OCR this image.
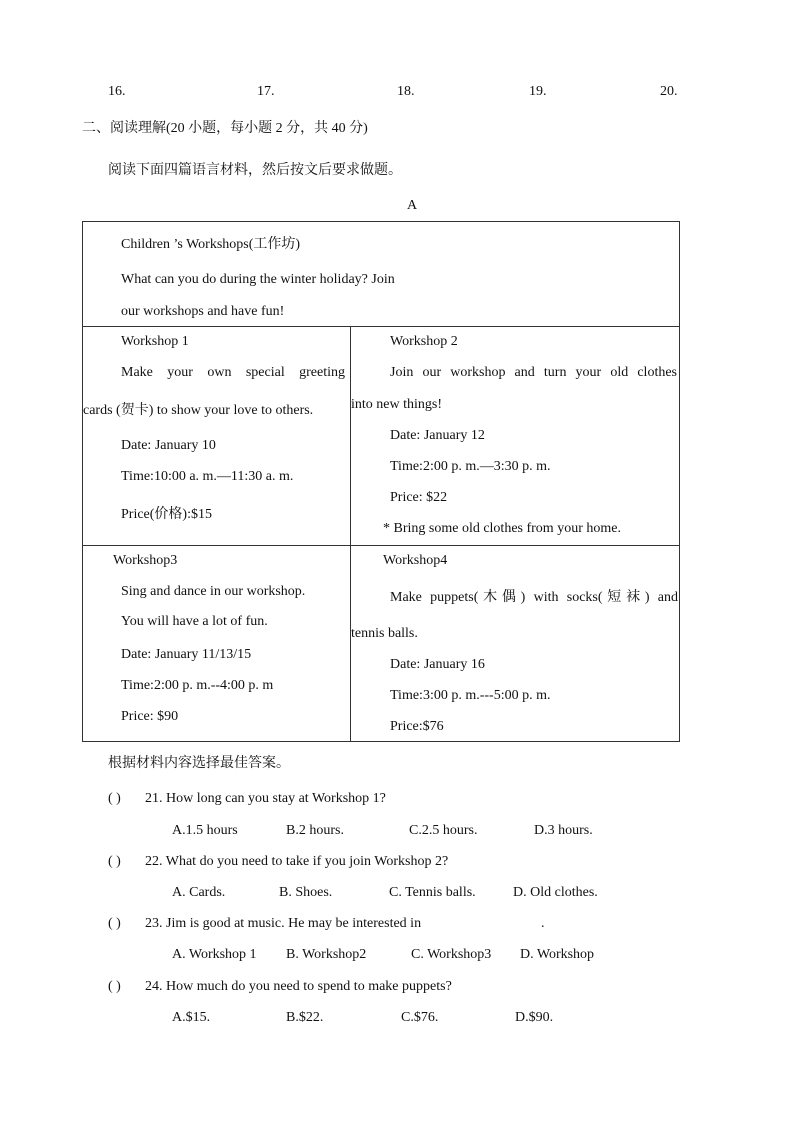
16.	17.	18.	19.	20.
二、阅读理解(20 小题，每小题 2 分，共 40 分)
阅读下面四篇语言材料，然后按文后要求做题。
A
Children ’s Workshops(工作坊)
What can you do during the winter holiday? Join
our workshops and have fun!
Workshop 1
Make your own special greeting
cards (贺卡) to show your love to others.
Date: January 10
Time:10:00 a. m.—11:30 a. m.
Price(价格):$15
Workshop 2
Join our workshop and turn your old clothes
into new things!
Date: January 12
Time:2:00 p. m.—3:30 p. m.
Price: $22
* Bring some old clothes from your home.
Workshop3
Sing and dance in our workshop.
You will have a lot of fun.
Date: January 11/13/15
Time:2:00 p. m.--4:00 p. m
Price: $90
Workshop4
Make puppets(木偶) with socks(短袜) and
tennis balls.
Date: January 16
Time:3:00 p. m.---5:00 p. m.
Price:$76
根据材料内容选择最佳答案。
( ) 21. How long can you stay at Workshop 1?
A.1.5 hours	B.2 hours.	C.2.5 hours.	D.3 hours.
( ) 22. What do you need to take if you join Workshop 2?
A. Cards.	B. Shoes.	C. Tennis balls.	D. Old clothes.
( ) 23. Jim is good at music. He may be interested in	.
A. Workshop 1 B. Workshop2	C. Workshop3 D. Workshop
( ) 24. How much do you need to spend to make puppets?
A.$15.	B.$22.	C.$76.	D.$90.
